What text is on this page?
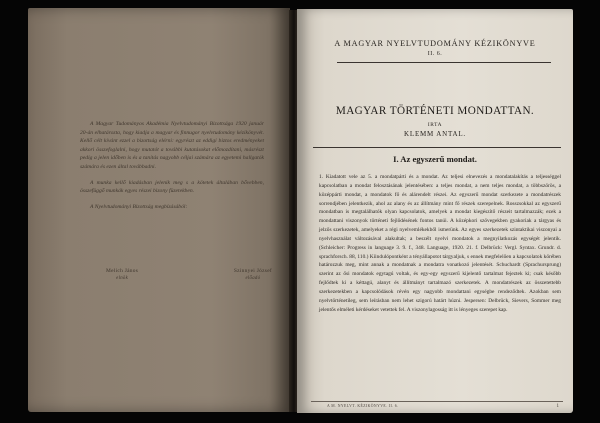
A Magyar Tudományos Akadémia Nyelvtudományi Bizottsága 1920 január 20-án elhatározta, hogy kiadja a magyar és finnugor nyelvtudomány kézikönyvét. Kellő célt kívánt ezzel a bizottság elérni: egyrészt az eddigi biztos eredményeket akkori összefoglalni, hogy mutatót a további kutatásokat előmozdítani, másrészt pedig a jelen időben is és a tanítás nagyobb céljai számára az egyetemi hallgatók számára és ezen által továbbadni.

A munka kellő kiadásban jelenik meg s a kötetek általában bővebben, összefüggő munkák egyes részei bizony füzetekben.

A Nyelvtudományi Bizottság megbízásából:

Melich János
elnök
Szinnyei József
előadó
A MAGYAR NYELVTUDOMÁNY KÉZIKÖNYVE
II. 6.
MAGYAR TÖRTÉNETI MONDATTAN.
IRTA
KLEMM ANTAL.
I. Az egyszerű mondat.

1. Kiadatott vele az 5. a mondatpárti és a mondat. Az teljesi elnevezés a mondatalakítás a teljességgel kapcsolatban a mondat felosztásának jelentésében: a teljes mondat, a nem teljes mondat, a többszörös, a középpárti mondat, a mondatok fő és alárendelt részei. Az egyszerű mondat szerkezete a mondatrészek sorrendjében jelentkezik, ahol az alany és az állítmány mint fő részek szerepelnek. Rosszsokkal az egyszerű mondatban is megtalálhatók olyan kapcsolatok, amelyek a mondat kiegészítő részeit tartalmazzák; ezek a mondattani viszonyok történeti fejlődésének fontos tanúi. A középkori szövegekben gyakoriak a tárgyas és jelzős szerkezetek, amelyeket a régi nyelvemlékekből ismerünk. Az egyes szerkezetek szintaktikai viszonyai a nyelvhasználat változásával alakultak; a beszélt nyelvi mondatok a megnyilatkozás egységét jelentik. (Schleicher: Progress in language 3. 9. f., 348. Language, 1920. 21. f. Delbrück: Vergl. Syntax. Grundr. d. sprachforsch. 88, 110.) Kiindulópontként a tényállapotot tárgyaljuk, s ennek megfelelően a kapcsolatok körében határozzuk meg, mint annak a mondatnak a mondatra vonatkozó jelentését. Schuchardt (Sprachursprung) szerint az ősi mondatok egytagú voltak, és egy-egy egyszerű kijelentő tartalmat fejeztek ki; csak később fejlődtek ki a kéttagú, alanyt és állítmányt tartalmazó szerkezetek. A mondatrészek az összetettebb szerkezetekben a kapcsolódások révén egy nagyobb mondattani egységbe rendeződtek. Azokban sem nyelvtörténetileg, sem leírásban nem lehet szigorú határt húzni. Jespersen: Delbrück, Sievers, Sommer meg jelentős elméleti kérdéseket vetettek fel. A viszonylagosság itt is lényeges szerepet kap.

A M. NYELVT. KÉZIKÖNYVE. II. 6.	1
